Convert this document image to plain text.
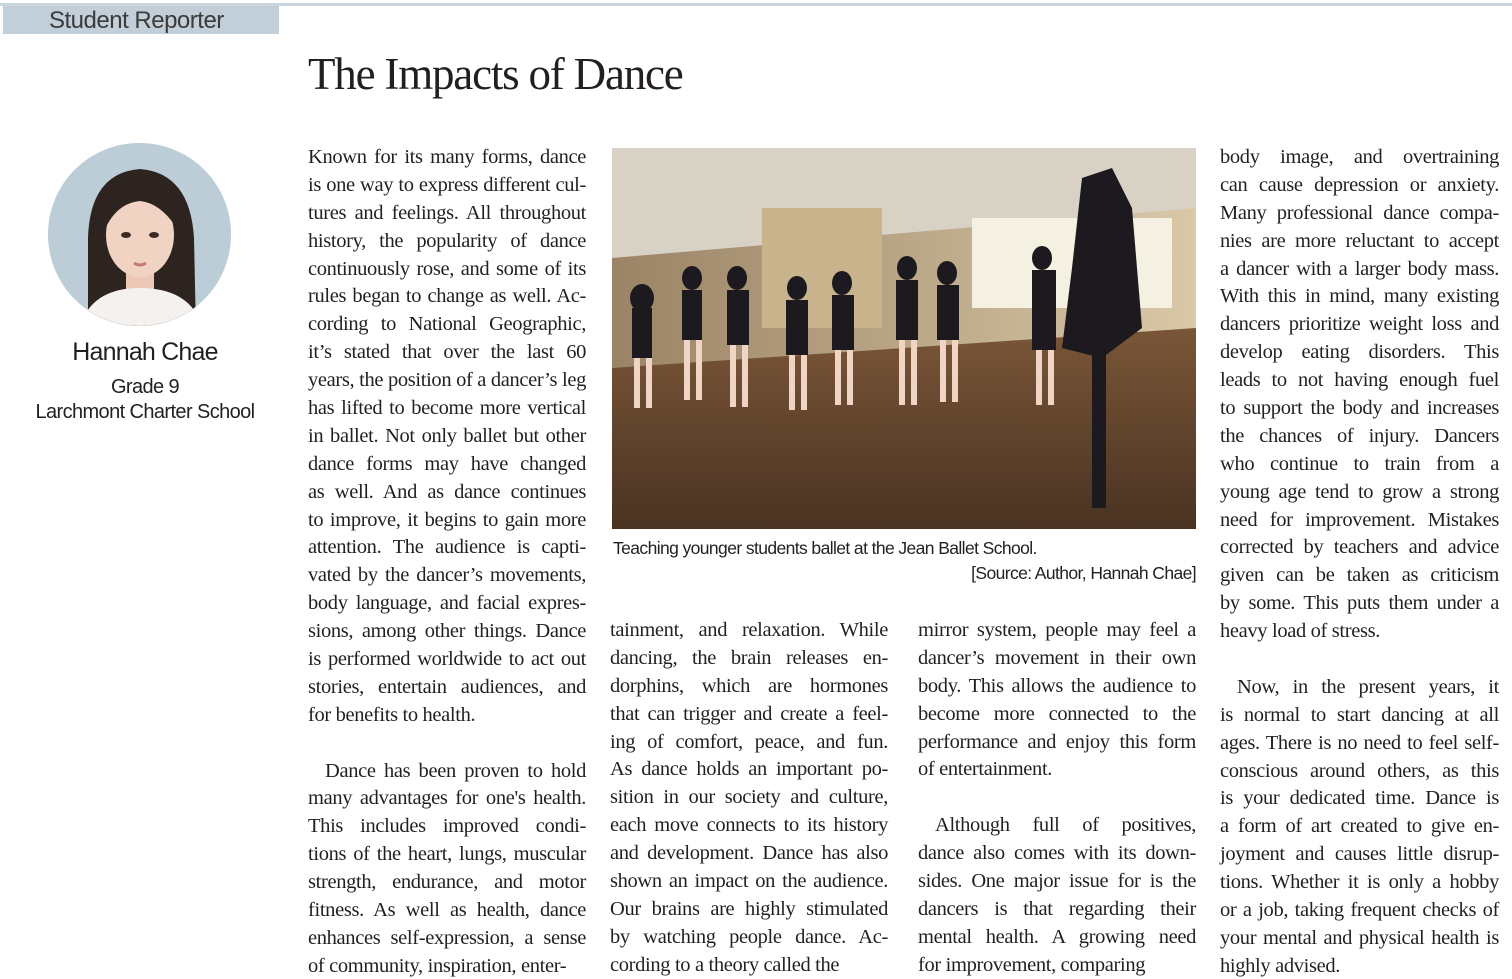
Student Reporter
The Impacts of Dance
Hannah Chae
Grade 9
Larchmont Charter School
Known for its many forms, dance
is one way to express different cul-
tures and feelings. All throughout
history, the popularity of dance
continuously rose, and some of its
rules began to change as well. Ac-
cording to National Geographic,
it’s stated that over the last 60
years, the position of a dancer’s leg
has lifted to become more vertical
in ballet. Not only ballet but other
dance forms may have changed
as well. And as dance continues
to improve, it begins to gain more
attention. The audience is capti-
vated by the dancer’s movements,
body language, and facial expres-
sions, among other things. Dance
is performed worldwide to act out
stories, entertain audiences, and
for benefits to health.
Dance has been proven to hold
many advantages for one's health.
This includes improved condi-
tions of the heart, lungs, muscular
strength, endurance, and motor
fitness. As well as health, dance
enhances self-expression, a sense
of community, inspiration, enter-
tainment, and relaxation. While
dancing, the brain releases en-
dorphins, which are hormones
that can trigger and create a feel-
ing of comfort, peace, and fun.
As dance holds an important po-
sition in our society and culture,
each move connects to its history
and development. Dance has also
shown an impact on the audience.
Our brains are highly stimulated
by watching people dance. Ac-
cording to a theory called the
mirror system, people may feel a
dancer’s movement in their own
body. This allows the audience to
become more connected to the
performance and enjoy this form
of entertainment.
Although full of positives,
dance also comes with its down-
sides. One major issue for is the
dancers is that regarding their
mental health. A growing need
for improvement, comparing
body image, and overtraining
can cause depression or anxiety.
Many professional dance compa-
nies are more reluctant to accept
a dancer with a larger body mass.
With this in mind, many existing
dancers prioritize weight loss and
develop eating disorders. This
leads to not having enough fuel
to support the body and increases
the chances of injury. Dancers
who continue to train from a
young age tend to grow a strong
need for improvement. Mistakes
corrected by teachers and advice
given can be taken as criticism
by some. This puts them under a
heavy load of stress.
Now, in the present years, it
is normal to start dancing at all
ages. There is no need to feel self-
conscious around others, as this
is your dedicated time. Dance is
a form of art created to give en-
joyment and causes little disrup-
tions. Whether it is only a hobby
or a job, taking frequent checks of
your mental and physical health is
highly advised.
Teaching younger students ballet at the Jean Ballet School.
[Source: Author, Hannah Chae]
